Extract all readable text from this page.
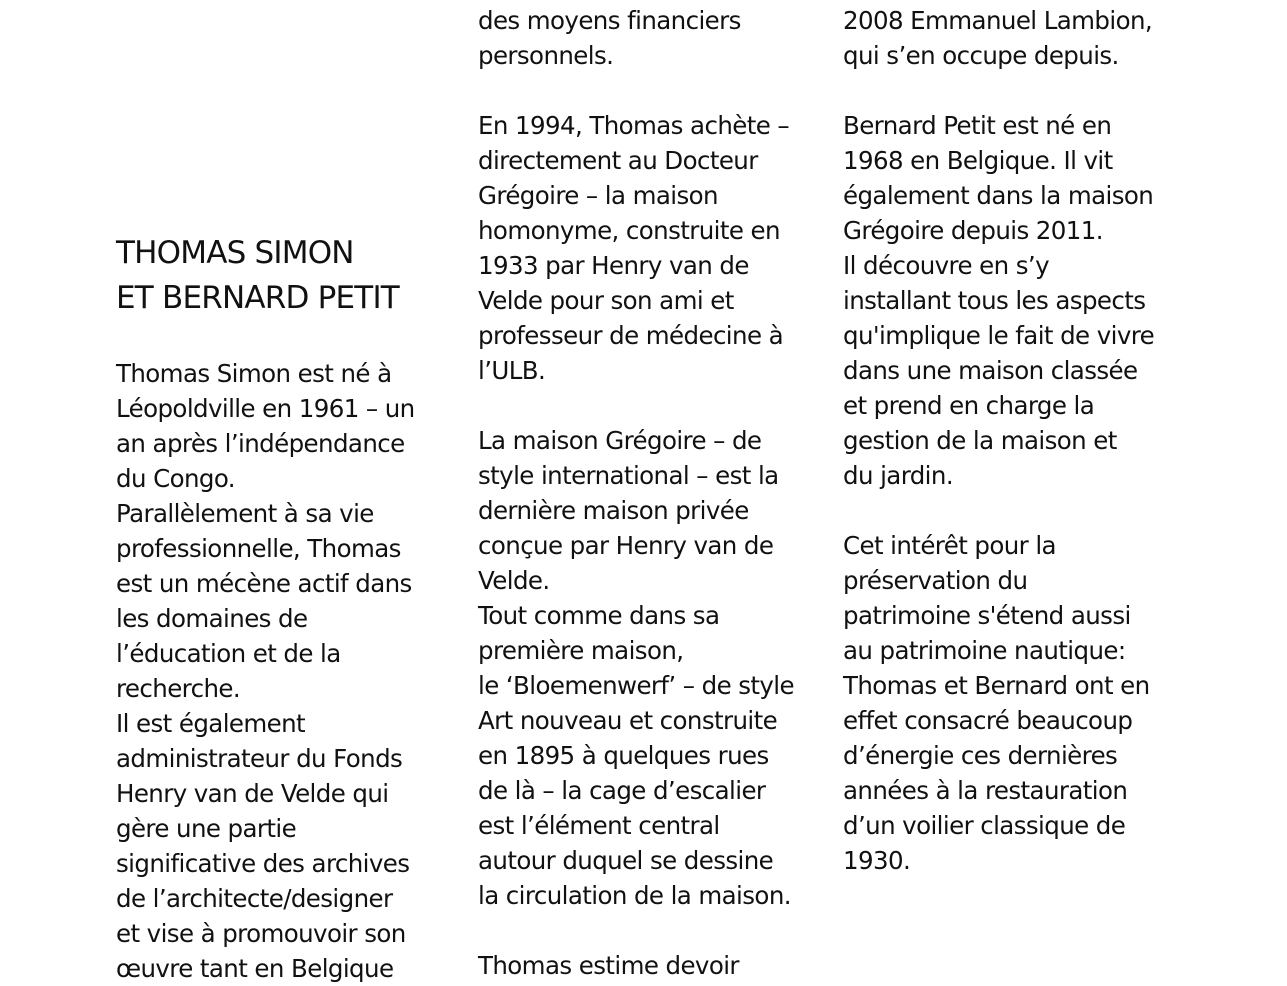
THOMAS SIMON
ET BERNARD PETIT
Thomas Simon est né à
Léopoldville en 1961 – un
an après l’indépendance
du Congo.
Parallèlement à sa vie
professionnelle, Thomas
est un mécène actif dans
les domaines de
l’éducation et de la
recherche.
Il est également
administrateur du Fonds
Henry van de Velde qui
gère une partie
significative des archives
de l’architecte/designer
et vise à promouvoir son
œuvre tant en Belgique
des moyens financiers
personnels.
En 1994, Thomas achète –
directement au Docteur
Grégoire – la maison
homonyme, construite en
1933 par Henry van de
Velde pour son ami et
professeur de médecine à
l’ULB.
La maison Grégoire – de
style international – est la
dernière maison privée
conçue par Henry van de
Velde.
Tout comme dans sa
première maison,
le ‘Bloemenwerf’ – de style
Art nouveau et construite
en 1895 à quelques rues
de là – la cage d’escalier
est l’élément central
autour duquel se dessine
la circulation de la maison.
Thomas estime devoir
2008 Emmanuel Lambion,
qui s’en occupe depuis.
Bernard Petit est né en
1968 en Belgique. Il vit
également dans la maison
Grégoire depuis 2011.
Il découvre en s’y
installant tous les aspects
qu'implique le fait de vivre
dans une maison classée
et prend en charge la
gestion de la maison et
du jardin.
Cet intérêt pour la
préservation du
patrimoine s'étend aussi
au patrimoine nautique:
Thomas et Bernard ont en
effet consacré beaucoup
d’énergie ces dernières
années à la restauration
d’un voilier classique de
1930.
